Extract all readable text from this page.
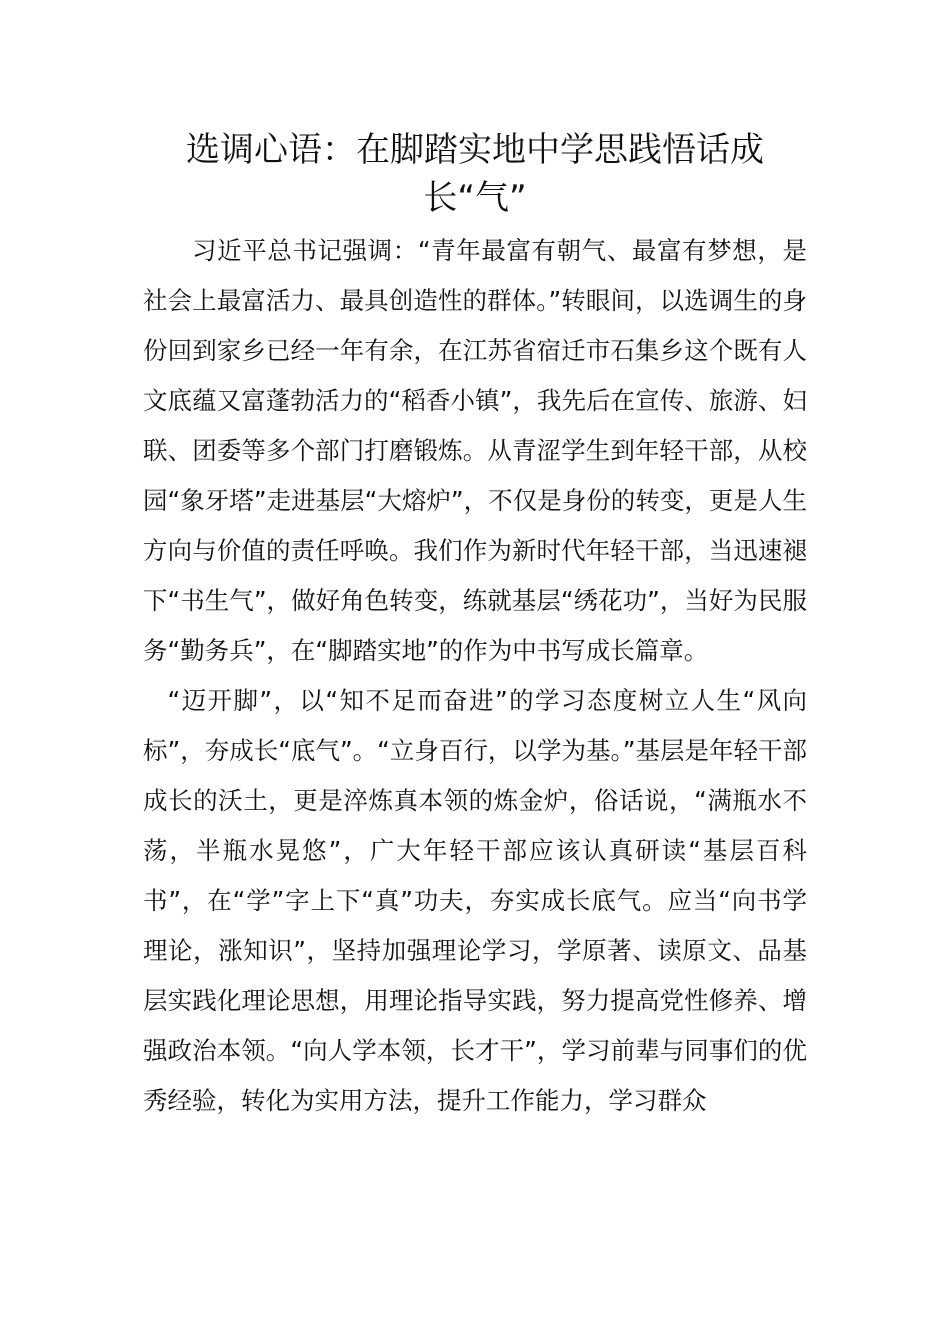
选调心语：在脚踏实地中学思践悟话成长“气”

习近平总书记强调：“青年最富有朝气、最富有梦想，是社会上最富活力、最具创造性的群体。”转眼间，以选调生的身份回到家乡已经一年有余，在江苏省宿迁市石集乡这个既有人文底蕴又富蓬勃活力的“稻香小镇”，我先后在宣传、旅游、妇联、团委等多个部门打磨锻炼。从青涩学生到年轻干部，从校园“象牙塔”走进基层“大熔炉”，不仅是身份的转变，更是人生方向与价值的责任呼唤。我们作为新时代年轻干部，当迅速褪下“书生气”，做好角色转变，练就基层“绣花功”，当好为民服务“勤务兵”，在“脚踏实地”的作为中书写成长篇章。

“迈开脚”，以“知不足而奋进”的学习态度树立人生“风向标”，夯成长“底气”。“立身百行，以学为基。”基层是年轻干部成长的沃土，更是淬炼真本领的炼金炉，俗话说，“满瓶水不荡，半瓶水晃悠”，广大年轻干部应该认真研读“基层百科书”，在“学”字上下“真”功夫，夯实成长底气。应当“向书学理论，涨知识”，坚持加强理论学习，学原著、读原文、品基层实践化理论思想，用理论指导实践，努力提高党性修养、增强政治本领。“向人学本领，长才干”，学习前辈与同事们的优秀经验，转化为实用方法，提升工作能力，学习群众
